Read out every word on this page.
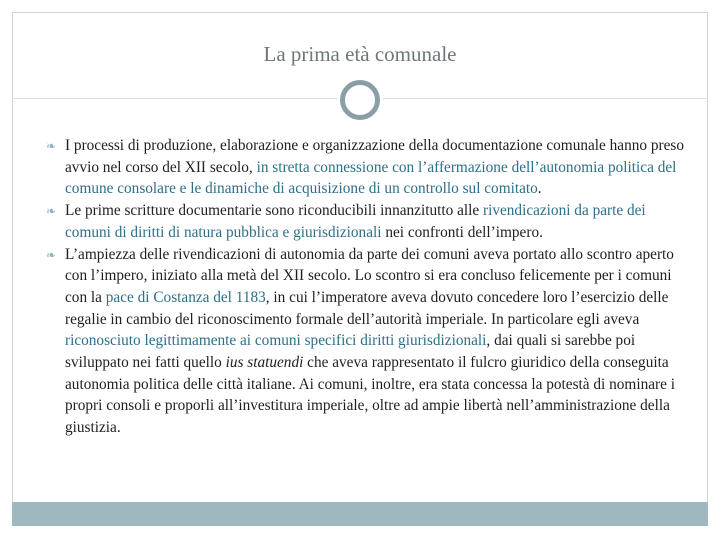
La prima età comunale
❧ I processi di produzione, elaborazione e organizzazione della documentazione comunale hanno preso avvio nel corso del XII secolo, in stretta connessione con l’affermazione dell’autonomia politica del comune consolare e le dinamiche di acquisizione di un controllo sul comitato.
❧ Le prime scritture documentarie sono riconducibili innanzitutto alle rivendicazioni da parte dei comuni di diritti di natura pubblica e giurisdizionali nei confronti dell’impero.
❧ L’ampiezza delle rivendicazioni di autonomia da parte dei comuni aveva portato allo scontro aperto con l’impero, iniziato alla metà del XII secolo. Lo scontro si era concluso felicemente per i comuni con la pace di Costanza del 1183, in cui l’imperatore aveva dovuto concedere loro l’esercizio delle regalie in cambio del riconoscimento formale dell’autorità imperiale. In particolare egli aveva riconosciuto legittimamente ai comuni specifici diritti giurisdizionali, dai quali si sarebbe poi sviluppato nei fatti quello ius statuendi che aveva rappresentato il fulcro giuridico della conseguita autonomia politica delle città italiane. Ai comuni, inoltre, era stata concessa la potestà di nominare i propri consoli e proporli all’investitura imperiale, oltre ad ampie libertà nell’amministrazione della giustizia.
